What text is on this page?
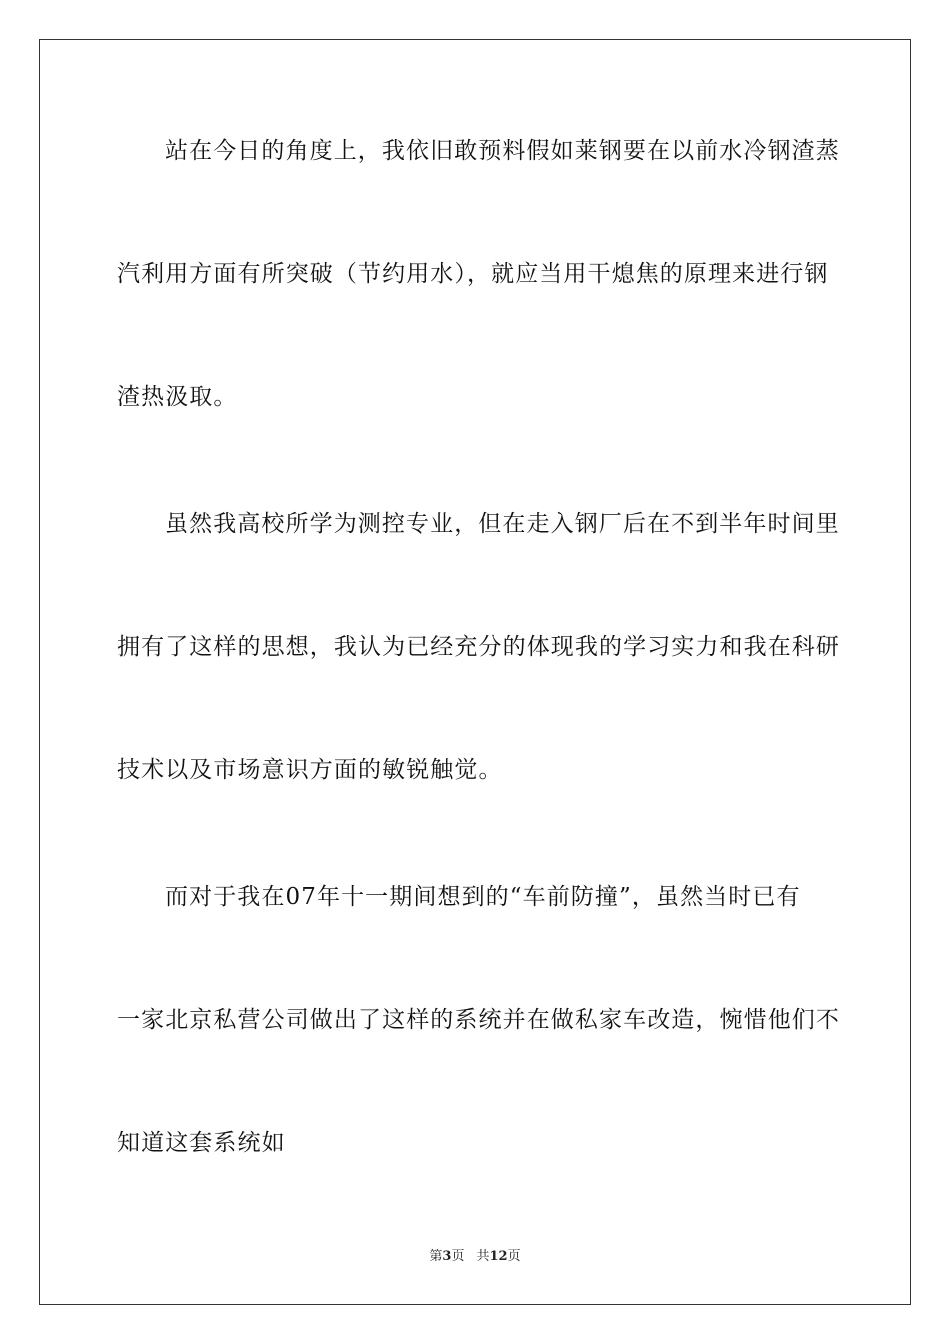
站在今日的角度上，我依旧敢预料假如莱钢要在以前水冷钢渣蒸
汽利用方面有所突破（节约用水），就应当用干熄焦的原理来进行钢
渣热汲取。
虽然我高校所学为测控专业，但在走入钢厂后在不到半年时间里
拥有了这样的思想，我认为已经充分的体现我的学习实力和我在科研
技术以及市场意识方面的敏锐触觉。
而对于我在07年十一期间想到的“车前防撞”，虽然当时已有
一家北京私营公司做出了这样的系统并在做私家车改造，惋惜他们不
知道这套系统如
第3页 共12页
